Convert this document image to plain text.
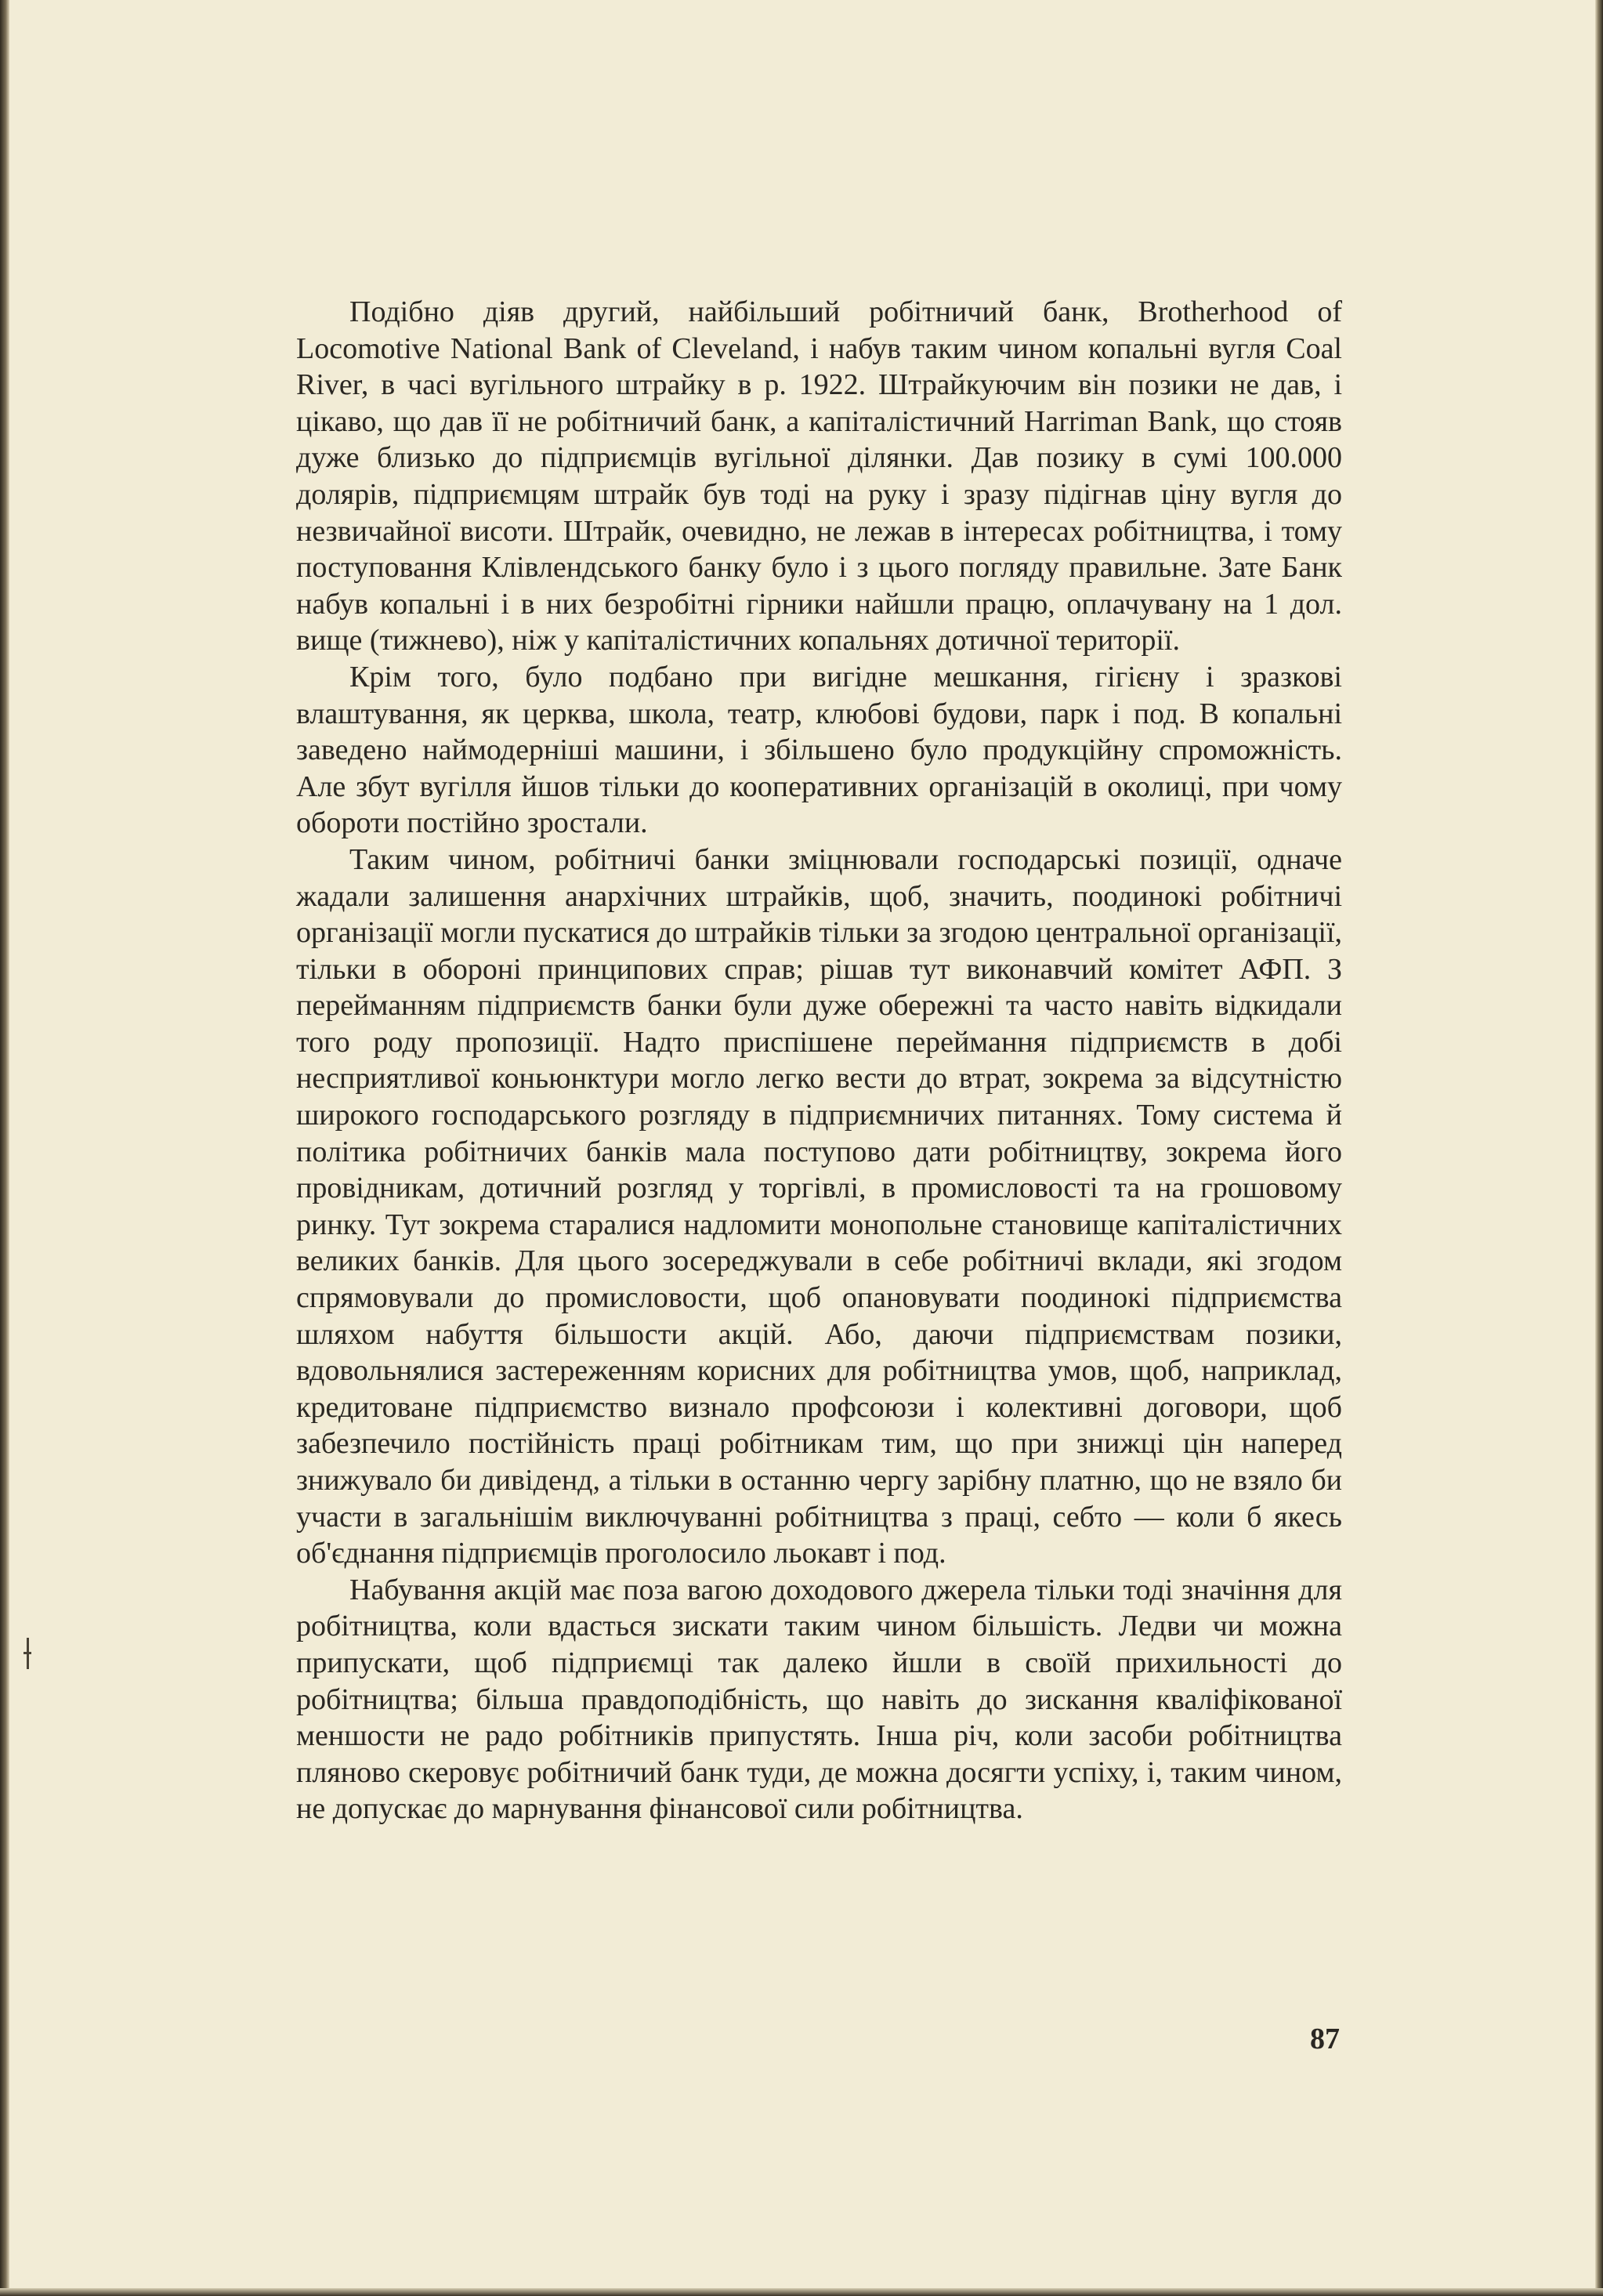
Подібно діяв другий, найбільший робітничий банк, Brotherhood of Locomotive National Bank of Cleveland, і набув таким чином копальні вугля Coal River, в часі вугільного штрайку в р. 1922. Штрайкуючим він позики не дав, і цікаво, що дав її не робітничий банк, а капіталістичний Harriman Bank, що стояв дуже близько до підприємців вугільної ділянки. Дав позику в сумі 100.000 долярів, підприємцям штрайк був тоді на руку і зразу підігнав ціну вугля до незвичайної висоти. Штрайк, очевидно, не лежав в інтересах робітництва, і тому поступовання Клівлендського банку було і з цього погляду правильне. Зате Банк набув копальні і в них безробітні гірники найшли працю, оплачувану на 1 дол. вище (тижнево), ніж у капіталістичних копальнях дотичної території.

Крім того, було подбано при вигідне мешкання, гігієну і зразкові влаштування, як церква, школа, театр, клюбові будови, парк і под. В копальні заведено наймодерніші машини, і збільшено було продукційну спроможність. Але збут вугілля йшов тільки до кооперативних організацій в околиці, при чому обороти постійно зростали.

Таким чином, робітничі банки зміцнювали господарські позиції, одначе жадали залишення анархічних штрайків, щоб, значить, поодинокі робітничі організації могли пускатися до штрайків тільки за згодою центральної організації, тільки в обороні принципових справ; рішав тут виконавчий комітет АФП. З перейманням підприємств банки були дуже обережні та часто навіть відкидали того роду пропозиції. Надто приспішене переймання підприємств в добі несприятливої коньюнктури могло легко вести до втрат, зокрема за відсутністю широкого господарського розгляду в підприємничих питаннях. Тому система й політика робітничих банків мала поступово дати робітництву, зокрема його провідникам, дотичний розгляд у торгівлі, в промисловості та на грошовому ринку. Тут зокрема старалися надломити монопольне становище капіталістичних великих банків. Для цього зосереджували в себе робітничі вклади, які згодом спрямовували до промисловости, щоб опановувати поодинокі підприємства шляхом набуття більшости акцій. Або, даючи підприємствам позики, вдовольнялися застереженням корисних для робітництва умов, щоб, наприклад, кредитоване підприємство визнало профсоюзи і колективні договори, щоб забезпечило постійність праці робітникам тим, що при знижці цін наперед знижувало би дивіденд, а тільки в останню чергу зарібну платню, що не взяло би участи в загальнішім виключуванні робітництва з праці, себто — коли б якесь об'єднання підприємців проголосило льокавт і под.

Набування акцій має поза вагою доходового джерела тільки тоді значіння для робітництва, коли вдасться зискати таким чином більшість. Ледви чи можна припускати, щоб підприємці так далеко йшли в своїй прихильності до робітництва; більша правдоподібність, що навіть до зискання кваліфікованої меншости не радо робітників припустять. Інша річ, коли засоби робітництва пляново скеровує робітничий банк туди, де можна досягти успіху, і, таким чином, не допускає до марнування фінансової сили робітництва.

87
